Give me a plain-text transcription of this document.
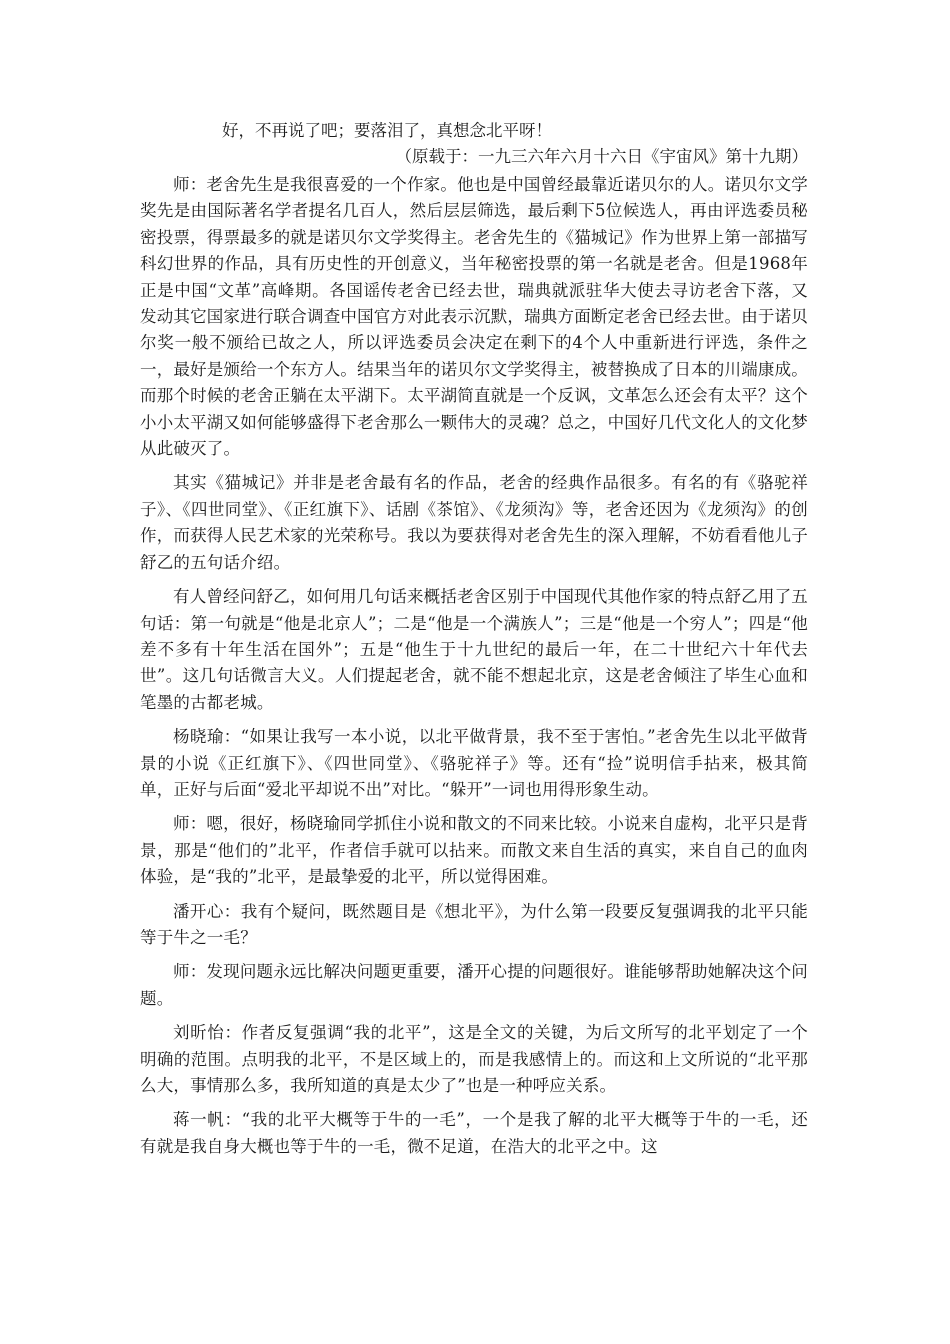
好，不再说了吧；要落泪了，真想念北平呀！

（原载于：一九三六年六月十六日《宇宙风》第十九期）

师：老舍先生是我很喜爱的一个作家。他也是中国曾经最靠近诺贝尔的人。诺贝尔文学奖先是由国际著名学者提名几百人，然后层层筛选，最后剩下5位候选人，再由评选委员秘密投票，得票最多的就是诺贝尔文学奖得主。老舍先生的《猫城记》作为世界上第一部描写科幻世界的作品，具有历史性的开创意义，当年秘密投票的第一名就是老舍。但是1968年正是中国“文革”高峰期。各国谣传老舍已经去世，瑞典就派驻华大使去寻访老舍下落，又发动其它国家进行联合调查中国官方对此表示沉默，瑞典方面断定老舍已经去世。由于诺贝尔奖一般不颁给已故之人，所以评选委员会决定在剩下的4个人中重新进行评选，条件之一，最好是颁给一个东方人。结果当年的诺贝尔文学奖得主，被替换成了日本的川端康成。而那个时候的老舍正躺在太平湖下。太平湖简直就是一个反讽，文革怎么还会有太平？这个小小太平湖又如何能够盛得下老舍那么一颗伟大的灵魂？总之，中国好几代文化人的文化梦从此破灭了。

其实《猫城记》并非是老舍最有名的作品，老舍的经典作品很多。有名的有《骆驼祥子》、《四世同堂》、《正红旗下》、话剧《茶馆》、《龙须沟》等，老舍还因为《龙须沟》的创作，而获得人民艺术家的光荣称号。我以为要获得对老舍先生的深入理解，不妨看看他儿子舒乙的五句话介绍。

有人曾经问舒乙，如何用几句话来概括老舍区别于中国现代其他作家的特点舒乙用了五句话：第一句就是“他是北京人”；二是“他是一个满族人”；三是“他是一个穷人”；四是“他差不多有十年生活在国外”；五是“他生于十九世纪的最后一年，在二十世纪六十年代去世”。这几句话微言大义。人们提起老舍，就不能不想起北京，这是老舍倾注了毕生心血和笔墨的古都老城。

杨晓瑜：“如果让我写一本小说，以北平做背景，我不至于害怕。”老舍先生以北平做背景的小说《正红旗下》、《四世同堂》、《骆驼祥子》等。还有“捡”说明信手拈来，极其简单，正好与后面“爱北平却说不出”对比。“躲开”一词也用得形象生动。

师：嗯，很好，杨晓瑜同学抓住小说和散文的不同来比较。小说来自虚构，北平只是背景，那是“他们的”北平，作者信手就可以拈来。而散文来自生活的真实，来自自己的血肉体验，是“我的”北平，是最挚爱的北平，所以觉得困难。

潘开心：我有个疑问，既然题目是《想北平》，为什么第一段要反复强调我的北平只能等于牛之一毛？

师：发现问题永远比解决问题更重要，潘开心提的问题很好。谁能够帮助她解决这个问题。

刘昕怡：作者反复强调“我的北平”，这是全文的关键，为后文所写的北平划定了一个明确的范围。点明我的北平，不是区域上的，而是我感情上的。而这和上文所说的“北平那么大，事情那么多，我所知道的真是太少了”也是一种呼应关系。

蒋一帆：“我的北平大概等于牛的一毛”，一个是我了解的北平大概等于牛的一毛，还有就是我自身大概也等于牛的一毛，微不足道，在浩大的北平之中。这
